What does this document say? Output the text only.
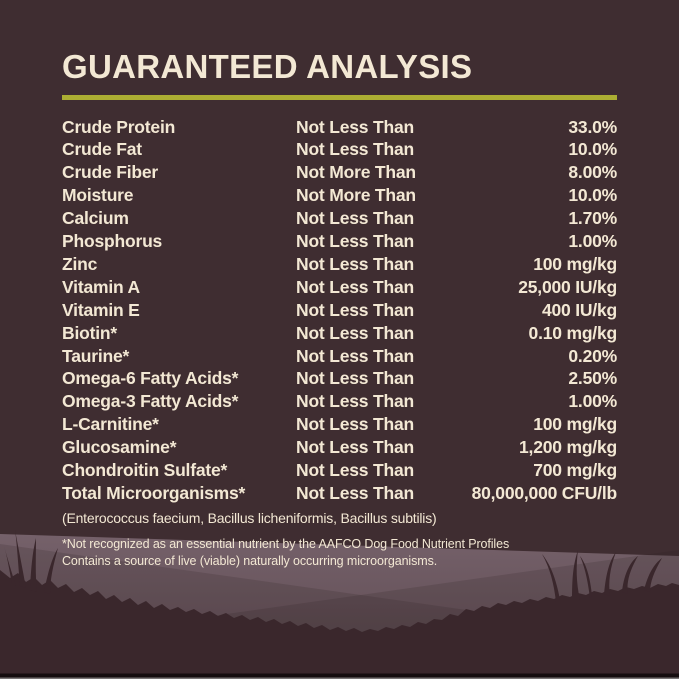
GUARANTEED ANALYSIS
Crude Protein	Not Less Than	33.0%
Crude Fat	Not Less Than	10.0%
Crude Fiber	Not More Than	8.00%
Moisture	Not More Than	10.0%
Calcium	Not Less Than	1.70%
Phosphorus	Not Less Than	1.00%
Zinc	Not Less Than	100 mg/kg
Vitamin A	Not Less Than	25,000 IU/kg
Vitamin E	Not Less Than	400 IU/kg
Biotin*	Not Less Than	0.10 mg/kg
Taurine*	Not Less Than	0.20%
Omega-6 Fatty Acids*	Not Less Than	2.50%
Omega-3 Fatty Acids*	Not Less Than	1.00%
L-Carnitine*	Not Less Than	100 mg/kg
Glucosamine*	Not Less Than	1,200 mg/kg
Chondroitin Sulfate*	Not Less Than	700 mg/kg
Total Microorganisms*	Not Less Than	80,000,000 CFU/lb
(Enterococcus faecium, Bacillus licheniformis, Bacillus subtilis)
*Not recognized as an essential nutrient by the AAFCO Dog Food Nutrient Profiles
Contains a source of live (viable) naturally occurring microorganisms.
